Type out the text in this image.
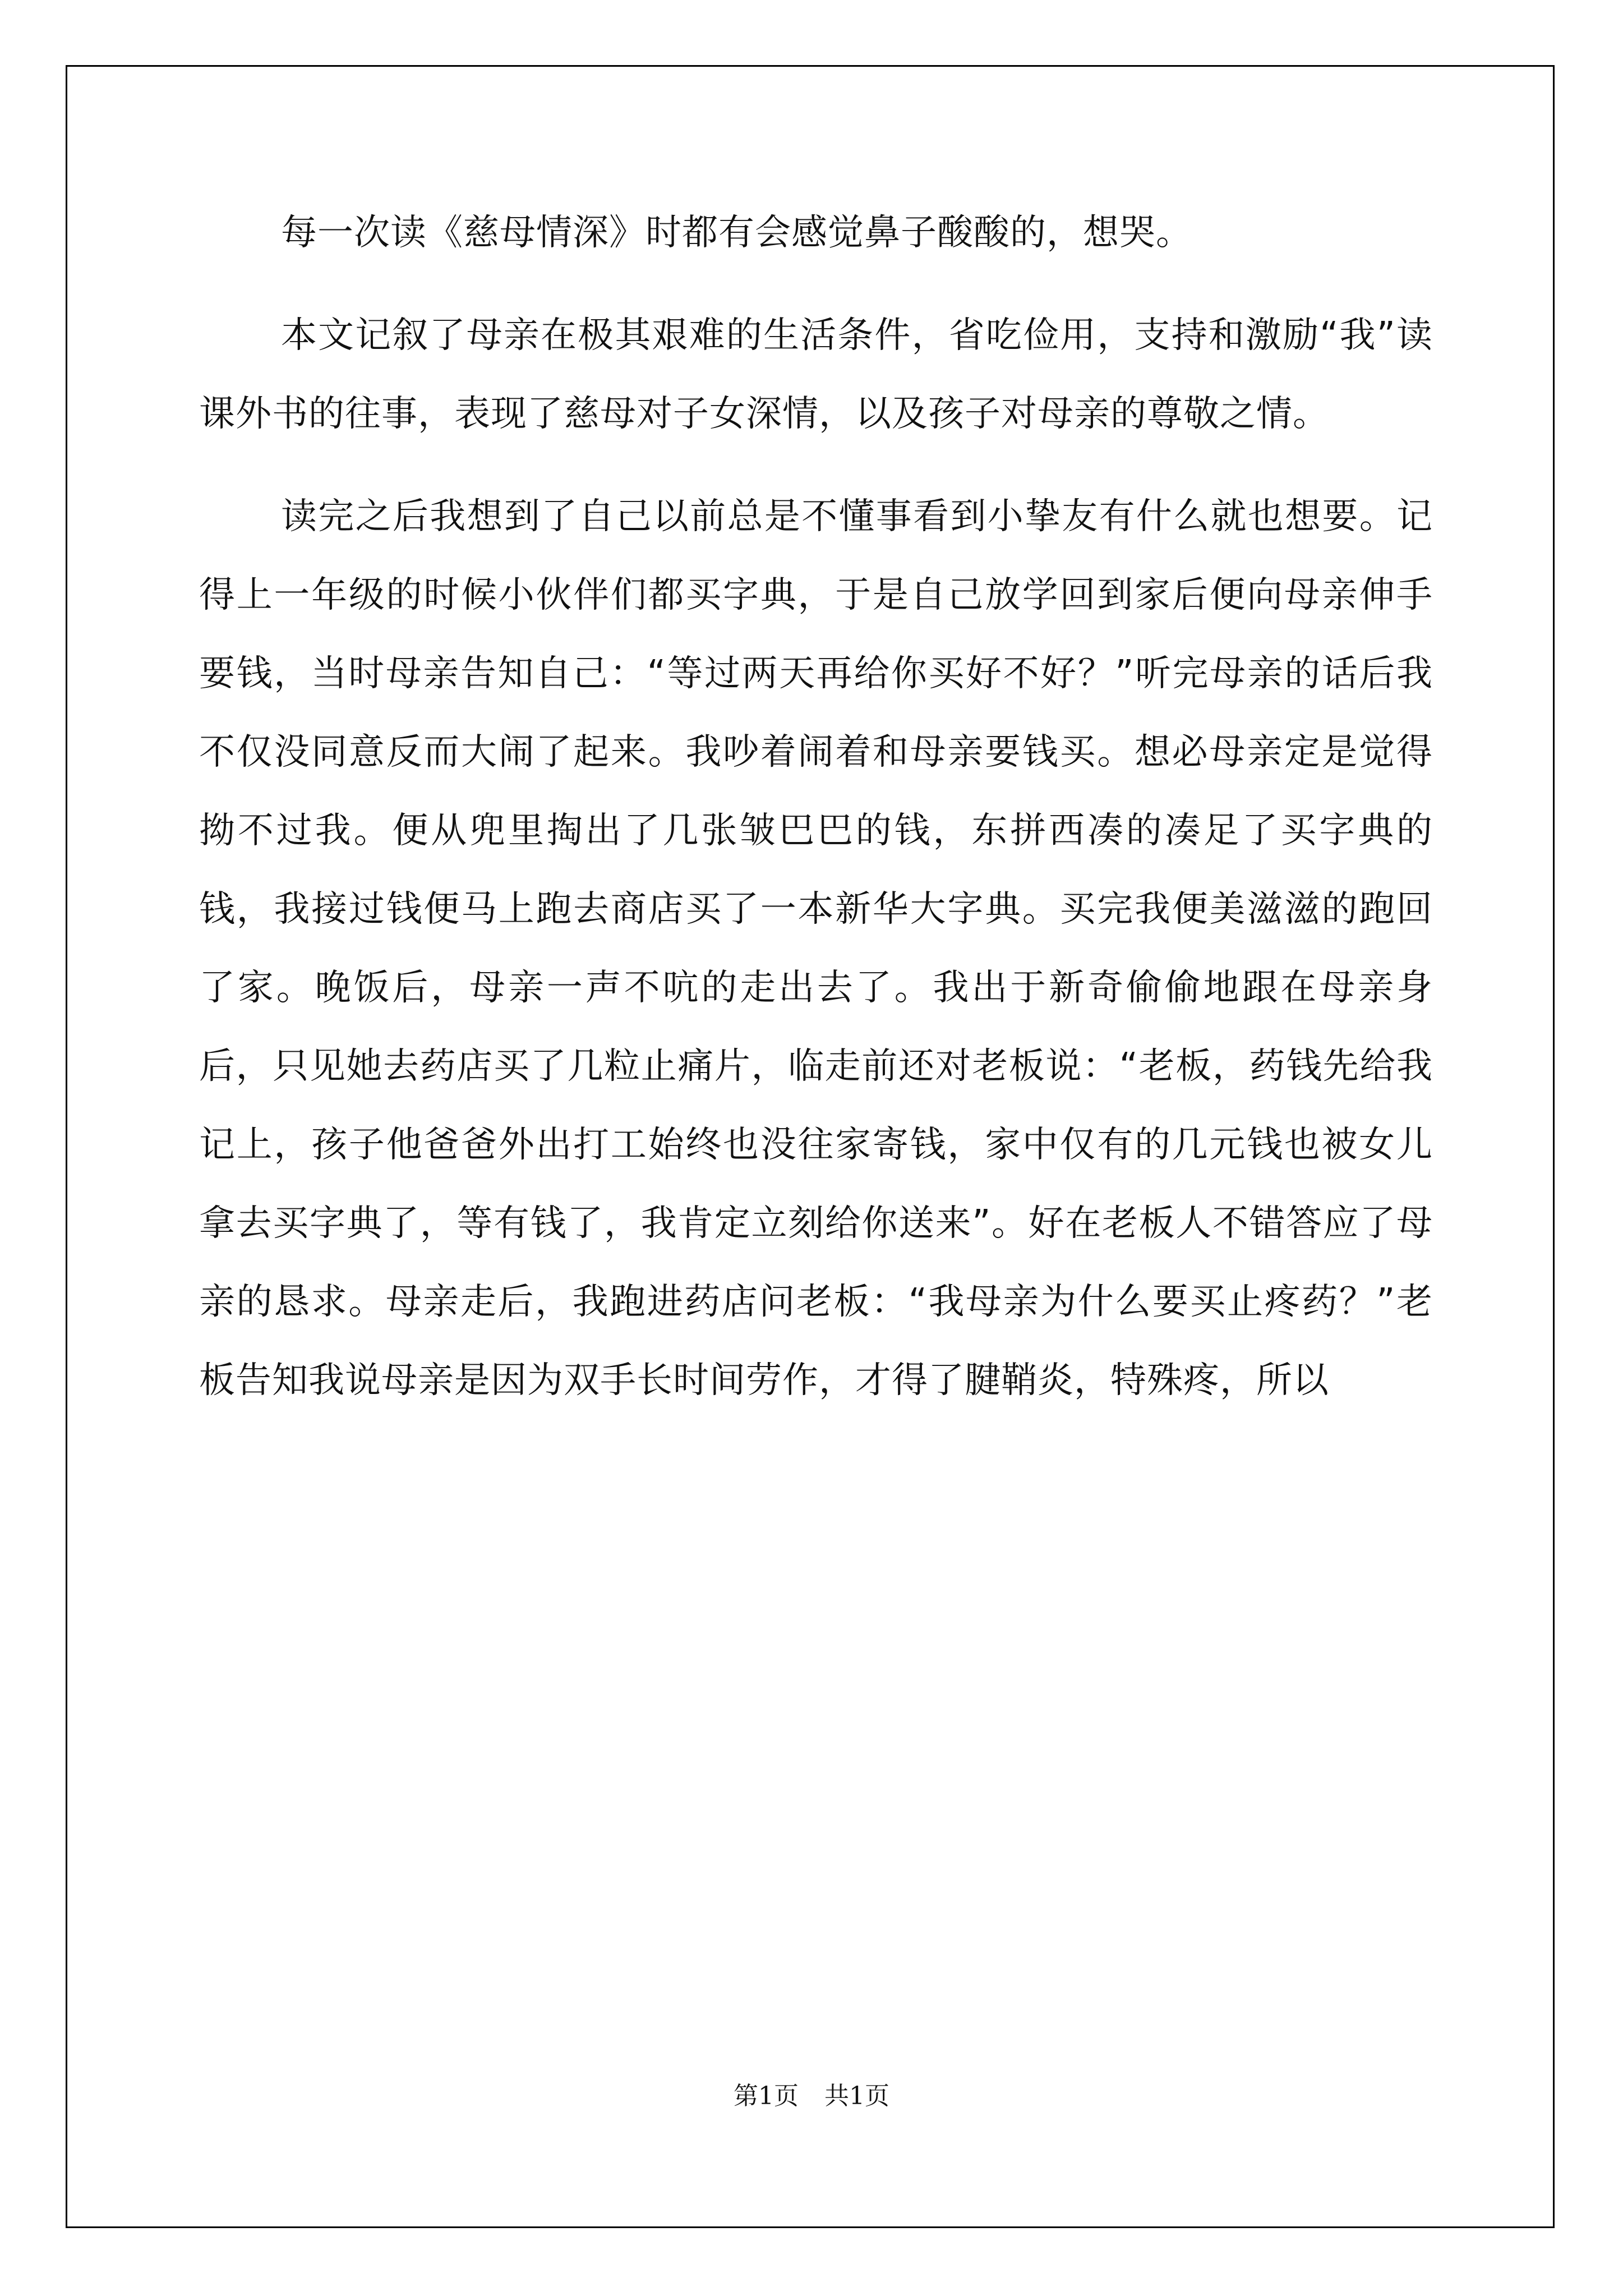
每一次读《慈母情深》时都有会感觉鼻子酸酸的，想哭。

本文记叙了母亲在极其艰难的生活条件，省吃俭用，支持和激励“我”读课外书的往事，表现了慈母对子女深情，以及孩子对母亲的尊敬之情。

读完之后我想到了自己以前总是不懂事看到小挚友有什么就也想要。记得上一年级的时候小伙伴们都买字典，于是自己放学回到家后便向母亲伸手要钱，当时母亲告知自己：“等过两天再给你买好不好？”听完母亲的话后我不仅没同意反而大闹了起来。我吵着闹着和母亲要钱买。想必母亲定是觉得拗不过我。便从兜里掏出了几张皱巴巴的钱，东拼西凑的凑足了买字典的钱，我接过钱便马上跑去商店买了一本新华大字典。买完我便美滋滋的跑回了家。晚饭后，母亲一声不吭的走出去了。我出于新奇偷偷地跟在母亲身后，只见她去药店买了几粒止痛片，临走前还对老板说：“老板，药钱先给我记上，孩子他爸爸外出打工始终也没往家寄钱，家中仅有的几元钱也被女儿拿去买字典了，等有钱了，我肯定立刻给你送来”。好在老板人不错答应了母亲的恳求。母亲走后，我跑进药店问老板：“我母亲为什么要买止疼药？”老板告知我说母亲是因为双手长时间劳作，才得了腱鞘炎，特殊疼，所以

第1页 共1页
